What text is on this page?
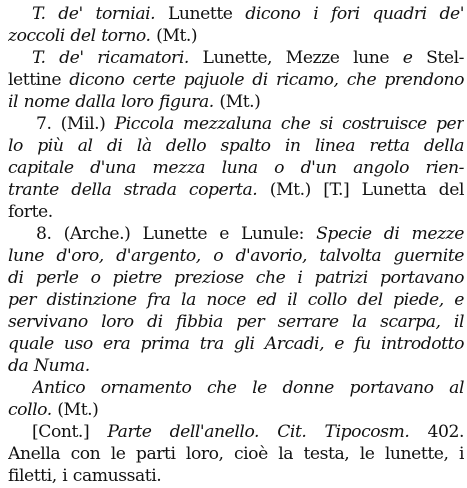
T. de' torniai. Lunette dicono i fori quadri de'
zoccoli del torno. (Mt.)
T. de' ricamatori. Lunette, Mezze lune e Stel-
lettine dicono certe pajuole di ricamo, che prendono
il nome dalla loro figura. (Mt.)
7. (Mil.) Piccola mezzaluna che si costruisce per
lo più al di là dello spalto in linea retta della
capitale d'una mezza luna o d'un angolo rien-
trante della strada coperta. (Mt.) [T.] Lunetta del
forte.
8. (Arche.) Lunette e Lunule: Specie di mezze
lune d'oro, d'argento, o d'avorio, talvolta guernite
di perle o pietre preziose che i patrizi portavano
per distinzione fra la noce ed il collo del piede, e
servivano loro di fibbia per serrare la scarpa, il
quale uso era prima tra gli Arcadi, e fu introdotto
da Numa.
Antico ornamento che le donne portavano al
collo. (Mt.)
[Cont.] Parte dell'anello. Cit. Tipocosm. 402.
Anella con le parti loro, cioè la testa, le lunette, i
filetti, i camussati.
